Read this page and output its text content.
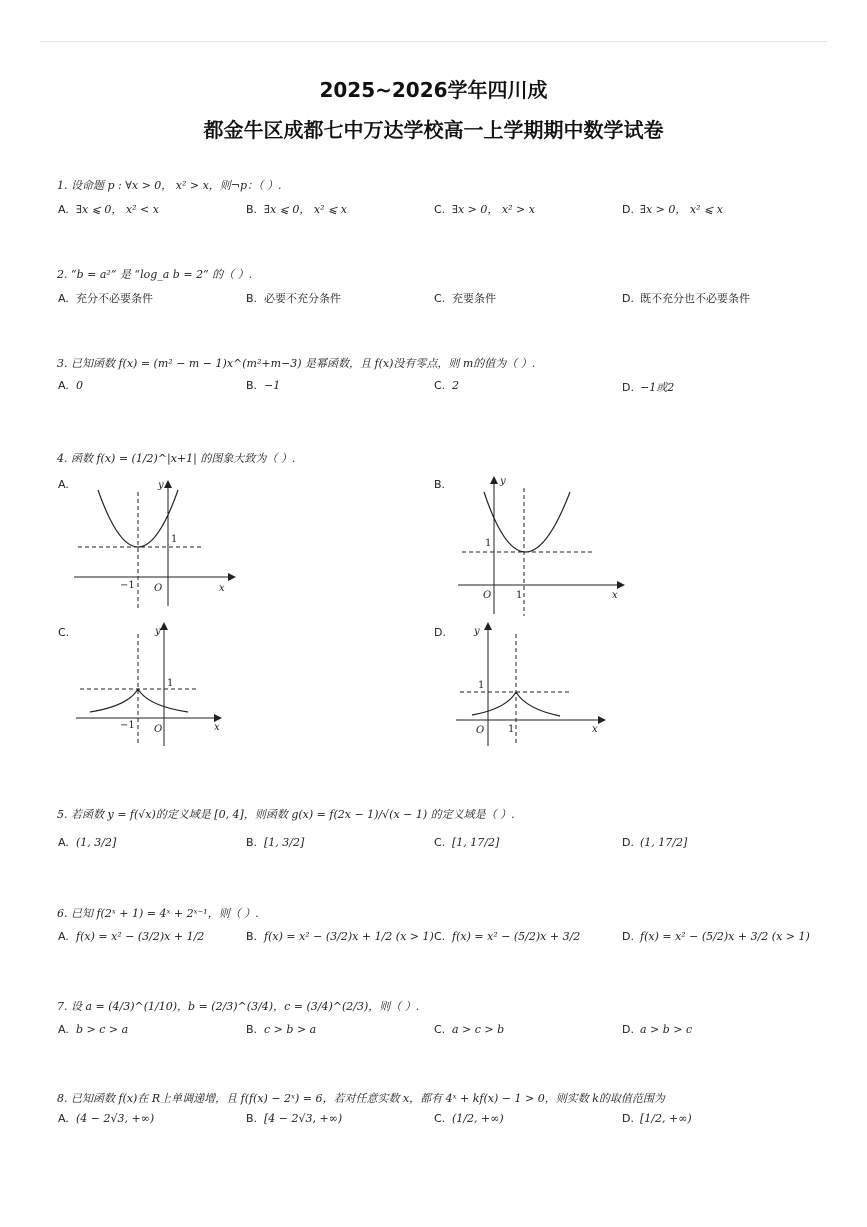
2025~2026学年四川成
都金牛区成都七中万达学校高一上学期期中数学试卷
1. 设命题 p : ∀x > 0， x² > x，则¬p：（ ）.
A. ∃x ⩽ 0， x² < x	B. ∃x ⩽ 0， x² ⩽ x	C. ∃x > 0， x² > x	D. ∃x > 0， x² ⩽ x
2. “b = a²” 是 “log_a b = 2” 的（ ）.
A. 充分不必要条件	B. 必要不充分条件	C. 充要条件	D. 既不充分也不必要条件
3. 已知函数 f(x) = (m² − m − 1)x^(m²+m−3) 是幂函数，且 f(x)没有零点，则 m的值为（ ）.
A. 0	B. −1	C. 2	D. −1或2
4. 函数 f(x) = (1/2)^|x+1| 的图象大致为（ ）.
A.	y
x
O
1
−1
B.	y
x
O
1
1
C.	y
x
O
1
−1
D.	y
x
O
1
1
5. 若函数 y = f(√x)的定义域是 [0, 4]，则函数 g(x) = f(2x − 1)/√(x − 1) 的定义域是（ ）.
A. (1, 3/2]	B. [1, 3/2]	C. [1, 17/2]	D. (1, 17/2]
6. 已知 f(2ˣ + 1) = 4ˣ + 2ˣ⁻¹，则（ ）.
A. f(x) = x² − (3/2)x + 1/2	B. f(x) = x² − (3/2)x + 1/2 (x > 1) C. f(x) = x² − (5/2)x + 3/2	D. f(x) = x² − (5/2)x + 3/2 (x > 1)
7. 设 a = (4/3)^(1/10)，b = (2/3)^(3/4)，c = (3/4)^(2/3)，则（ ）.
A. b > c > a	B. c > b > a	C. a > c > b	D. a > b > c
8. 已知函数 f(x)在 R上单调递增，且 f(f(x) − 2ˣ) = 6，若对任意实数 x，都有 4ˣ + kf(x) − 1 > 0，则实数 k的取值范围为
A. (4 − 2√3, +∞)	B. [4 − 2√3, +∞)	C. (1/2, +∞)	D. [1/2, +∞)
